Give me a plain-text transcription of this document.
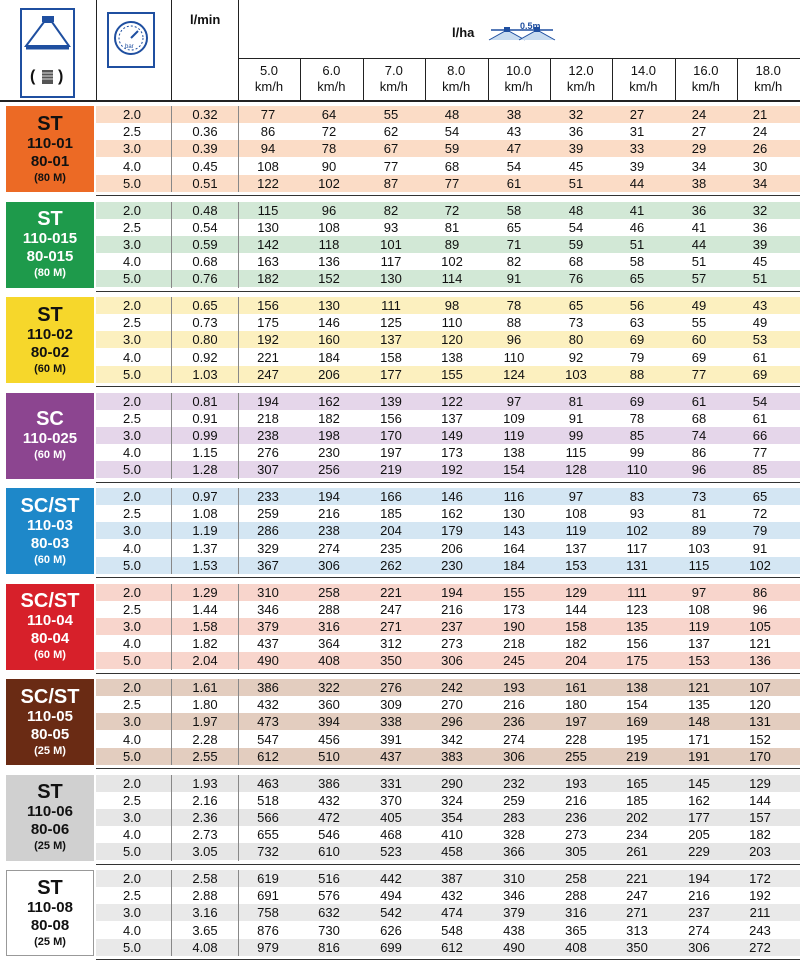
( )
bar
l/min
l/ha	0.5m
5.0
km/h
6.0
km/h
7.0
km/h
8.0
km/h
10.0
km/h
12.0
km/h
14.0
km/h
16.0
km/h
18.0
km/h
ST
110-01
80-01
(80 M)
2.0	0.32	77	64	55	48	38	32	27	24	21
2.5	0.36	86	72	62	54	43	36	31	27	24
3.0	0.39	94	78	67	59	47	39	33	29	26
4.0	0.45	108	90	77	68	54	45	39	34	30
5.0	0.51	122	102	87	77	61	51	44	38	34
ST
110-015
80-015
(80 M)
2.0	0.48	115	96	82	72	58	48	41	36	32
2.5	0.54	130	108	93	81	65	54	46	41	36
3.0	0.59	142	118	101	89	71	59	51	44	39
4.0	0.68	163	136	117	102	82	68	58	51	45
5.0	0.76	182	152	130	114	91	76	65	57	51
ST
110-02
80-02
(60 M)
2.0	0.65	156	130	111	98	78	65	56	49	43
2.5	0.73	175	146	125	110	88	73	63	55	49
3.0	0.80	192	160	137	120	96	80	69	60	53
4.0	0.92	221	184	158	138	110	92	79	69	61
5.0	1.03	247	206	177	155	124	103	88	77	69
SC
110-025
(60 M)
2.0	0.81	194	162	139	122	97	81	69	61	54
2.5	0.91	218	182	156	137	109	91	78	68	61
3.0	0.99	238	198	170	149	119	99	85	74	66
4.0	1.15	276	230	197	173	138	115	99	86	77
5.0	1.28	307	256	219	192	154	128	110	96	85
SC/ST
110-03
80-03
(60 M)
2.0	0.97	233	194	166	146	116	97	83	73	65
2.5	1.08	259	216	185	162	130	108	93	81	72
3.0	1.19	286	238	204	179	143	119	102	89	79
4.0	1.37	329	274	235	206	164	137	117	103	91
5.0	1.53	367	306	262	230	184	153	131	115	102
SC/ST
110-04
80-04
(60 M)
2.0	1.29	310	258	221	194	155	129	111	97	86
2.5	1.44	346	288	247	216	173	144	123	108	96
3.0	1.58	379	316	271	237	190	158	135	119	105
4.0	1.82	437	364	312	273	218	182	156	137	121
5.0	2.04	490	408	350	306	245	204	175	153	136
SC/ST
110-05
80-05
(25 M)
2.0	1.61	386	322	276	242	193	161	138	121	107
2.5	1.80	432	360	309	270	216	180	154	135	120
3.0	1.97	473	394	338	296	236	197	169	148	131
4.0	2.28	547	456	391	342	274	228	195	171	152
5.0	2.55	612	510	437	383	306	255	219	191	170
ST
110-06
80-06
(25 M)
2.0	1.93	463	386	331	290	232	193	165	145	129
2.5	2.16	518	432	370	324	259	216	185	162	144
3.0	2.36	566	472	405	354	283	236	202	177	157
4.0	2.73	655	546	468	410	328	273	234	205	182
5.0	3.05	732	610	523	458	366	305	261	229	203
ST
110-08
80-08
(25 M)
2.0	2.58	619	516	442	387	310	258	221	194	172
2.5	2.88	691	576	494	432	346	288	247	216	192
3.0	3.16	758	632	542	474	379	316	271	237	211
4.0	3.65	876	730	626	548	438	365	313	274	243
5.0	4.08	979	816	699	612	490	408	350	306	272
